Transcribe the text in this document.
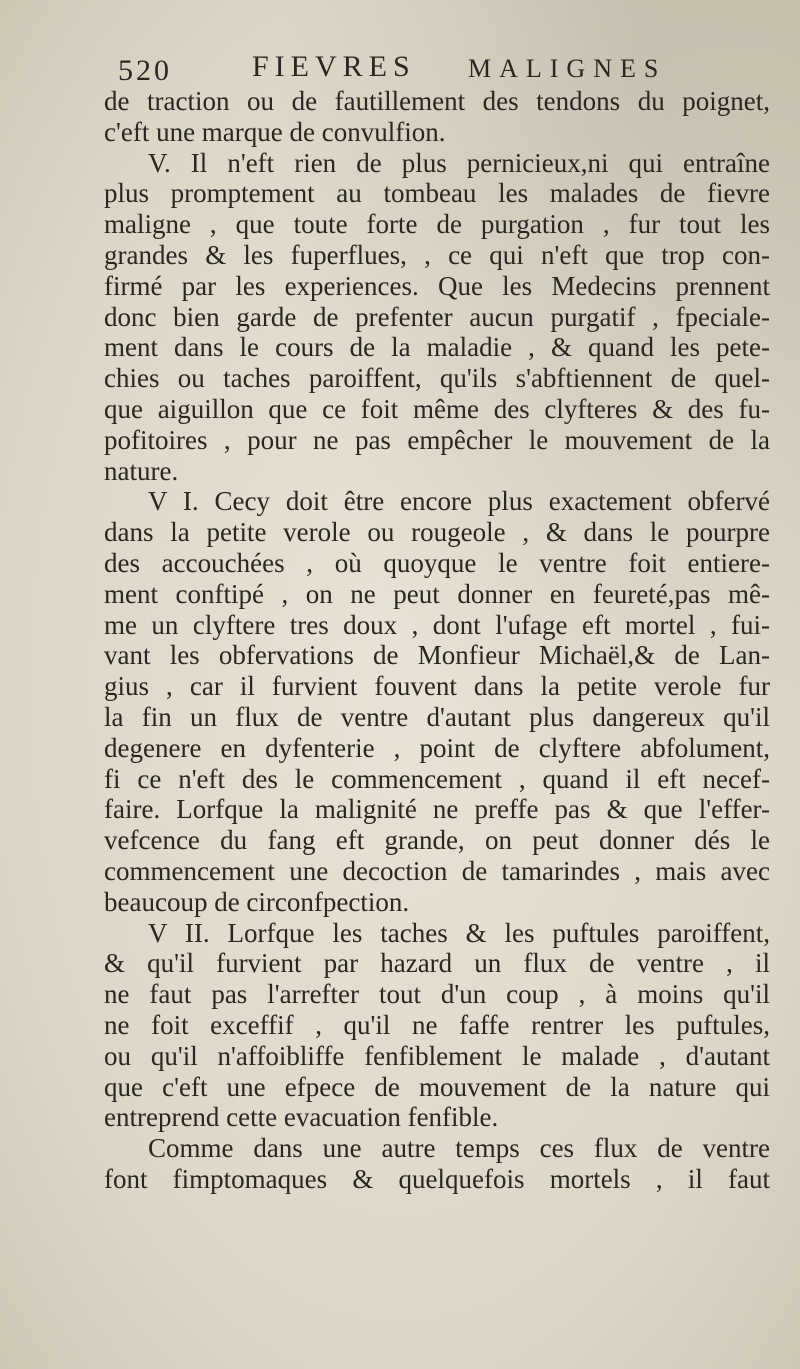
520	FIEVRES MALIGNES
de traction ou de fautillement des tendons du poignet,
c'eft une marque de convulfion.
V. Il n'eft rien de plus pernicieux,ni qui entraîne
plus promptement au tombeau les malades de fievre
maligne , que toute forte de purgation , fur tout les
grandes & les fuperflues, , ce qui n'eft que trop con-
firmé par les experiences. Que les Medecins prennent
donc bien garde de prefenter aucun purgatif , fpeciale-
ment dans le cours de la maladie , & quand les pete-
chies ou taches paroiffent, qu'ils s'abftiennent de quel-
que aiguillon que ce foit même des clyfteres & des fu-
pofitoires , pour ne pas empêcher le mouvement de la
nature.
V I. Cecy doit être encore plus exactement obfervé
dans la petite verole ou rougeole , & dans le pourpre
des accouchées , où quoyque le ventre foit entiere-
ment conftipé , on ne peut donner en feureté,pas mê-
me un clyftere tres doux , dont l'ufage eft mortel , fui-
vant les obfervations de Monfieur Michaël,& de Lan-
gius , car il furvient fouvent dans la petite verole fur
la fin un flux de ventre d'autant plus dangereux qu'il
degenere en dyfenterie , point de clyftere abfolument,
fi ce n'eft des le commencement , quand il eft necef-
faire. Lorfque la malignité ne preffe pas & que l'effer-
vefcence du fang eft grande, on peut donner dés le
commencement une decoction de tamarindes , mais avec
beaucoup de circonfpection.
V II. Lorfque les taches & les puftules paroiffent,
& qu'il furvient par hazard un flux de ventre , il
ne faut pas l'arrefter tout d'un coup , à moins qu'il
ne foit exceffif , qu'il ne faffe rentrer les puftules,
ou qu'il n'affoibliffe fenfiblement le malade , d'autant
que c'eft une efpece de mouvement de la nature qui
entreprend cette evacuation fenfible.
Comme dans une autre temps ces flux de ventre
font fimptomaques & quelquefois mortels , il faut
